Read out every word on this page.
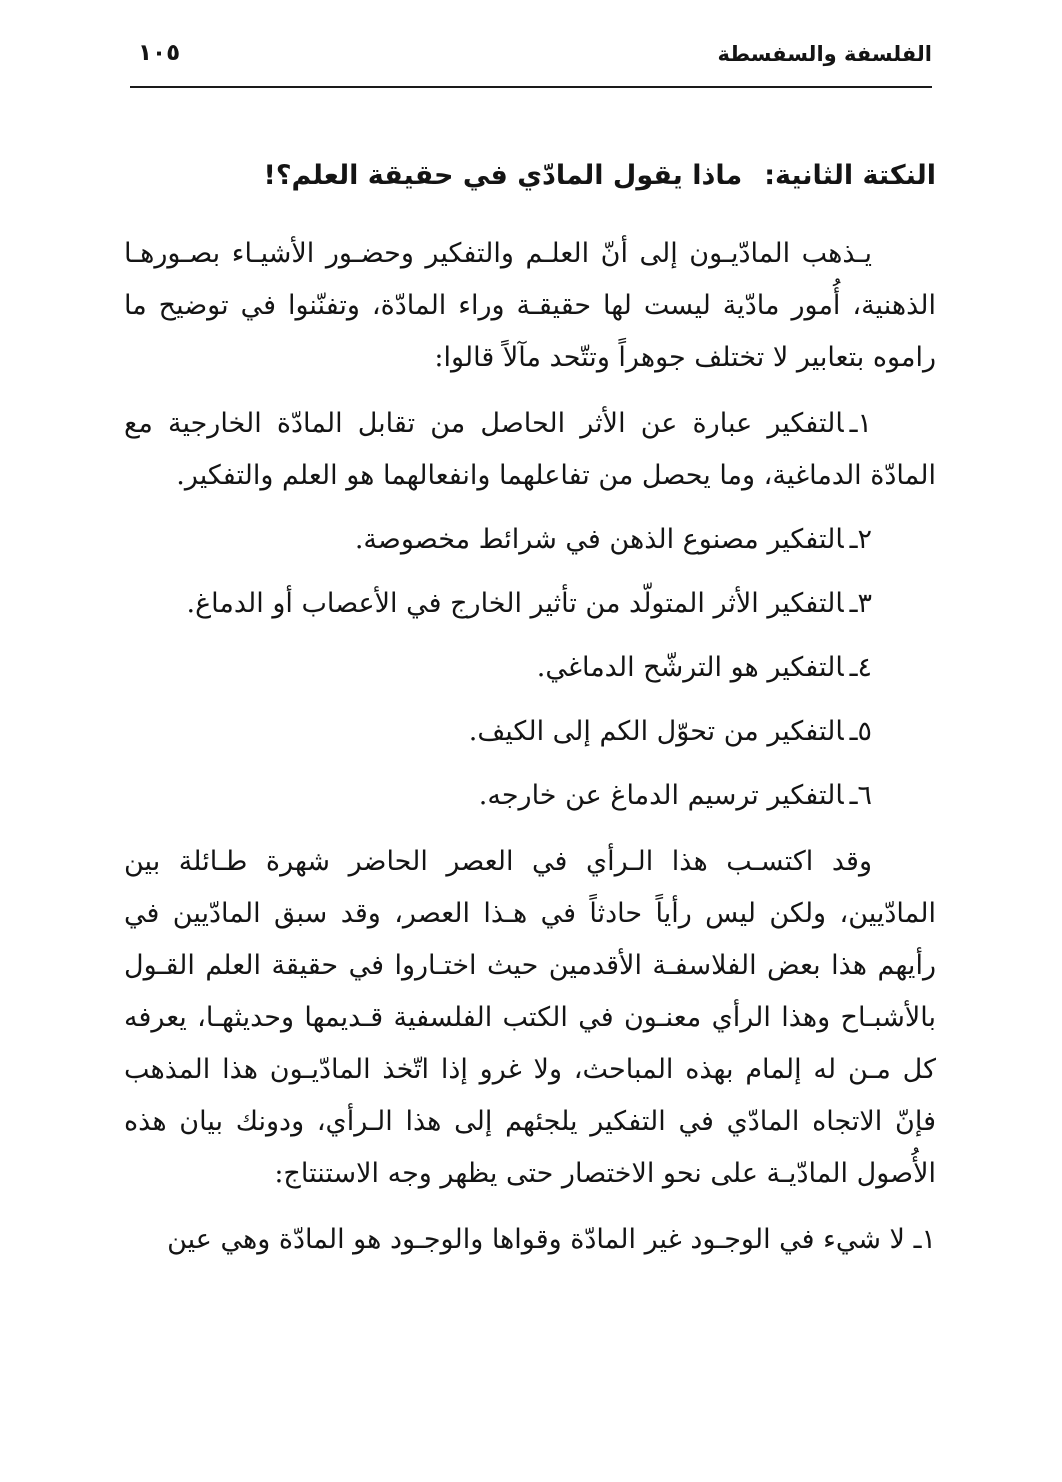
الفلسفة والسفسطة
١٠٥
النكتة الثانية:ماذا يقول المادّي في حقيقة العلم؟!

يـذهب المادّيـون إلى أنّ العلـم والتفكير وحضـور الأشيـاء بصـورهـا الذهنية، أُمور مادّية ليست لها حقيقـة وراء المادّة، وتفنّنوا في توضيح ما راموه بتعابير لا تختلف جوهراً وتتّحد مآلاً قالوا:

١ـالتفكير عبارة عن الأثر الحاصل من تقابل المادّة الخارجية مع المادّة الدماغية، وما يحصل من تفاعلهما وانفعالهما هو العلم والتفكير.
٢ـالتفكير مصنوع الذهن في شرائط مخصوصة.
٣ـالتفكير الأثر المتولّد من تأثير الخارج في الأعصاب أو الدماغ.
٤ـالتفكير هو الترشّح الدماغي.
٥ـالتفكير من تحوّل الكم إلى الكيف.
٦ـالتفكير ترسيم الدماغ عن خارجه.

وقد اكتسـب هذا الـرأي في العصر الحاضر شهرة طـائلة بين المادّيين، ولكن ليس رأياً حادثاً في هـذا العصر، وقد سبق المادّيين في رأيهم هذا بعض الفلاسفـة الأقدمين حيث اختـاروا في حقيقة العلم القـول بالأشبـاح وهذا الرأي معنـون في الكتب الفلسفية قـديمها وحديثهـا، يعرفه كل مـن له إلمام بهذه المباحث، ولا غرو إذا اتّخذ المادّيـون هذا المذهب فإنّ الاتجاه المادّي في التفكير يلجئهم إلى هذا الـرأي، ودونك بيان هذه الأُصول المادّيـة على نحو الاختصار حتى يظهر وجه الاستنتاج:

١ـ لا شيء في الوجـود غير المادّة وقواها والوجـود هو المادّة وهي عين
